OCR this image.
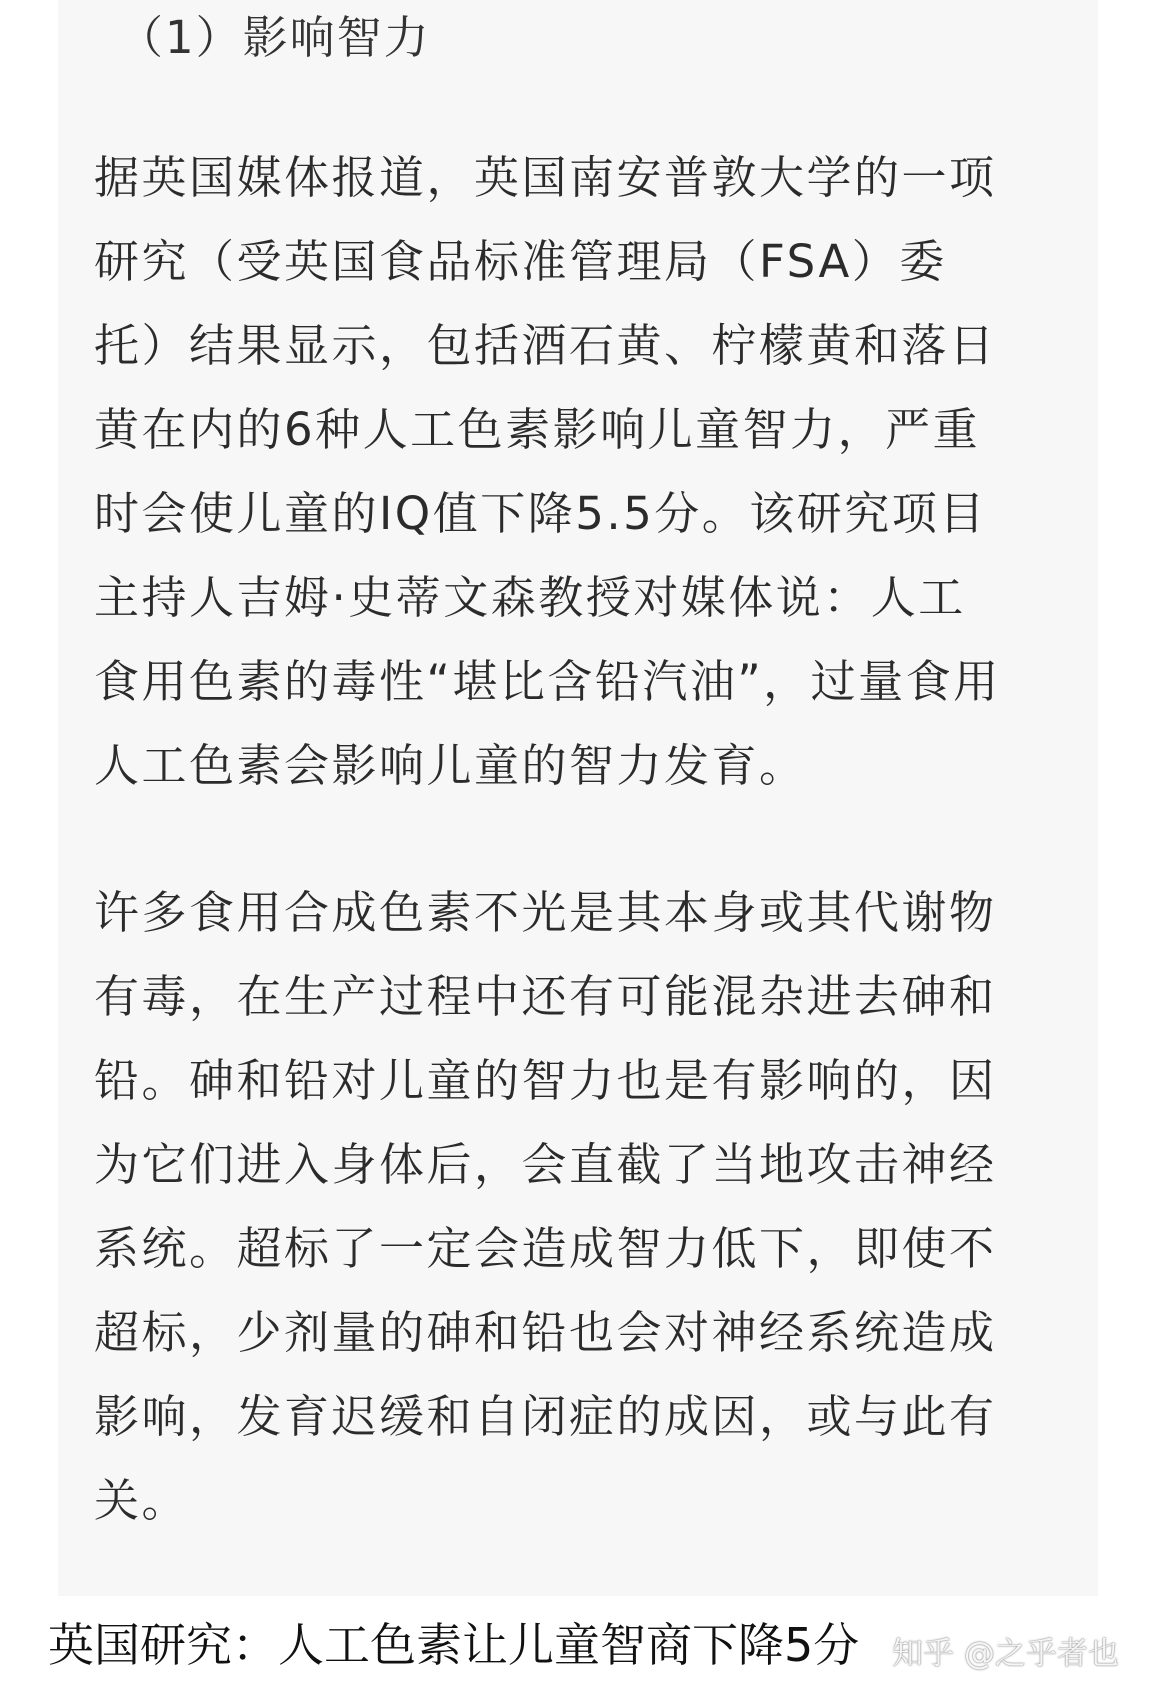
（1）影响智力
据英国媒体报道，英国南安普敦大学的一项
研究（受英国食品标准管理局（FSA）委
托）结果显示，包括酒石黄、柠檬黄和落日
黄在内的6种人工色素影响儿童智力，严重
时会使儿童的IQ值下降5.5分。该研究项目
主持人吉姆·史蒂文森教授对媒体说：人工
食用色素的毒性“堪比含铅汽油”，过量食用
人工色素会影响儿童的智力发育。
许多食用合成色素不光是其本身或其代谢物
有毒，在生产过程中还有可能混杂进去砷和
铅。砷和铅对儿童的智力也是有影响的，因
为它们进入身体后，会直截了当地攻击神经
系统。超标了一定会造成智力低下，即使不
超标，少剂量的砷和铅也会对神经系统造成
影响，发育迟缓和自闭症的成因，或与此有
关。
英国研究：人工色素让儿童智商下降5分 知乎 @之乎者也
